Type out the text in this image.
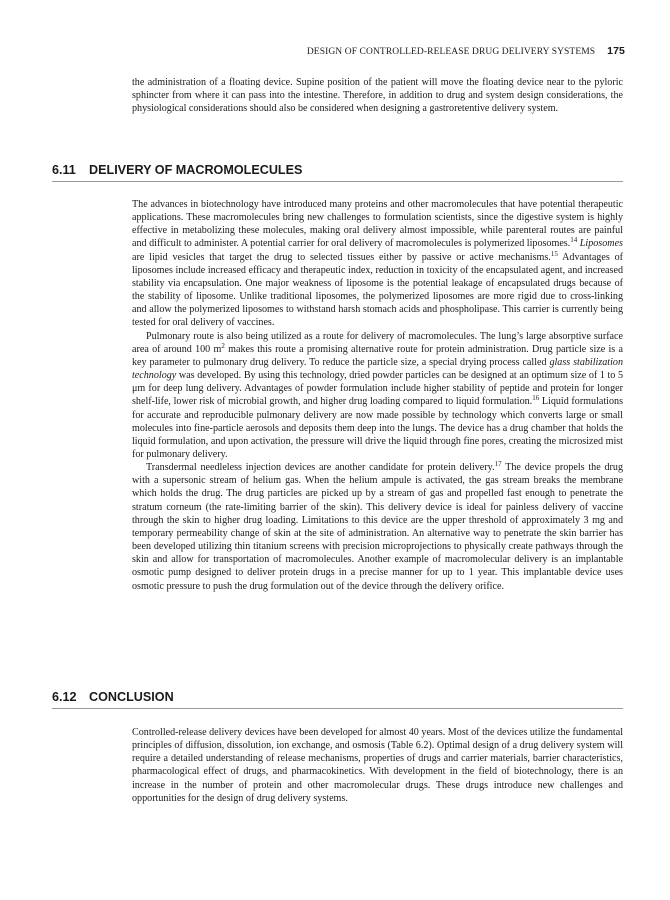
DESIGN OF CONTROLLED-RELEASE DRUG DELIVERY SYSTEMS 175

the administration of a floating device. Supine position of the patient will move the floating device near to the pyloric sphincter from where it can pass into the intestine. Therefore, in addition to drug and system design considerations, the physiological considerations should also be considered when designing a gastroretentive delivery system.

6.11 DELIVERY OF MACROMOLECULES

The advances in biotechnology have introduced many proteins and other macromolecules that have potential therapeutic applications. These macromolecules bring new challenges to formulation scientists, since the digestive system is highly effective in metabolizing these molecules, making oral delivery almost impossible, while parenteral routes are painful and difficult to administer. A potential carrier for oral delivery of macromolecules is polymerized liposomes.$^{14}$ Liposomes are lipid vesicles that target the drug to selected tissues either by passive or active mechanisms.$^{15}$ Advantages of liposomes include increased efficacy and therapeutic index, reduction in toxicity of the encapsulated agent, and increased stability via encapsulation. One major weakness of liposome is the potential leakage of encapsulated drugs because of the stability of liposome. Unlike traditional liposomes, the polymerized liposomes are more rigid due to cross-linking and allow the polymerized liposomes to withstand harsh stomach acids and phospholipase. This carrier is currently being tested for oral delivery of vaccines.

Pulmonary route is also being utilized as a route for delivery of macromolecules. The lung’s large absorptive surface area of around 100 $m^2$ makes this route a promising alternative route for protein administration. Drug particle size is a key parameter to pulmonary drug delivery. To reduce the particle size, a special drying process called glass stabilization technology was developed. By using this technology, dried powder particles can be designed at an optimum size of 1 to 5 μm for deep lung delivery. Advantages of powder formulation include higher stability of peptide and protein for longer shelf-life, lower risk of microbial growth, and higher drug loading compared to liquid formulation.$^{16}$ Liquid formulations for accurate and reproducible pulmonary delivery are now made possible by technology which converts large or small molecules into fine-particle aerosols and deposits them deep into the lungs. The device has a drug chamber that holds the liquid formulation, and upon activation, the pressure will drive the liquid through fine pores, creating the microsized mist for pulmonary delivery.

Transdermal needleless injection devices are another candidate for protein delivery.$^{17}$ The device propels the drug with a supersonic stream of helium gas. When the helium ampule is activated, the gas stream breaks the membrane which holds the drug. The drug particles are picked up by a stream of gas and propelled fast enough to penetrate the stratum corneum (the rate-limiting barrier of the skin). This delivery device is ideal for painless delivery of vaccine through the skin to higher drug loading. Limitations to this device are the upper threshold of approximately 3 mg and temporary permeability change of skin at the site of administration. An alternative way to penetrate the skin barrier has been developed utilizing thin titanium screens with precision microprojections to physically create pathways through the skin and allow for transportation of macromolecules. Another example of macromolecular delivery is an implantable osmotic pump designed to deliver protein drugs in a precise manner for up to 1 year. This implantable device uses osmotic pressure to push the drug formulation out of the device through the delivery orifice.

6.12 CONCLUSION

Controlled-release delivery devices have been developed for almost 40 years. Most of the devices utilize the fundamental principles of diffusion, dissolution, ion exchange, and osmosis (Table 6.2). Optimal design of a drug delivery system will require a detailed understanding of release mechanisms, properties of drugs and carrier materials, barrier characteristics, pharmacological effect of drugs, and pharmacokinetics. With development in the field of biotechnology, there is an increase in the number of protein and other macromolecular drugs. These drugs introduce new challenges and opportunities for the design of drug delivery systems.
